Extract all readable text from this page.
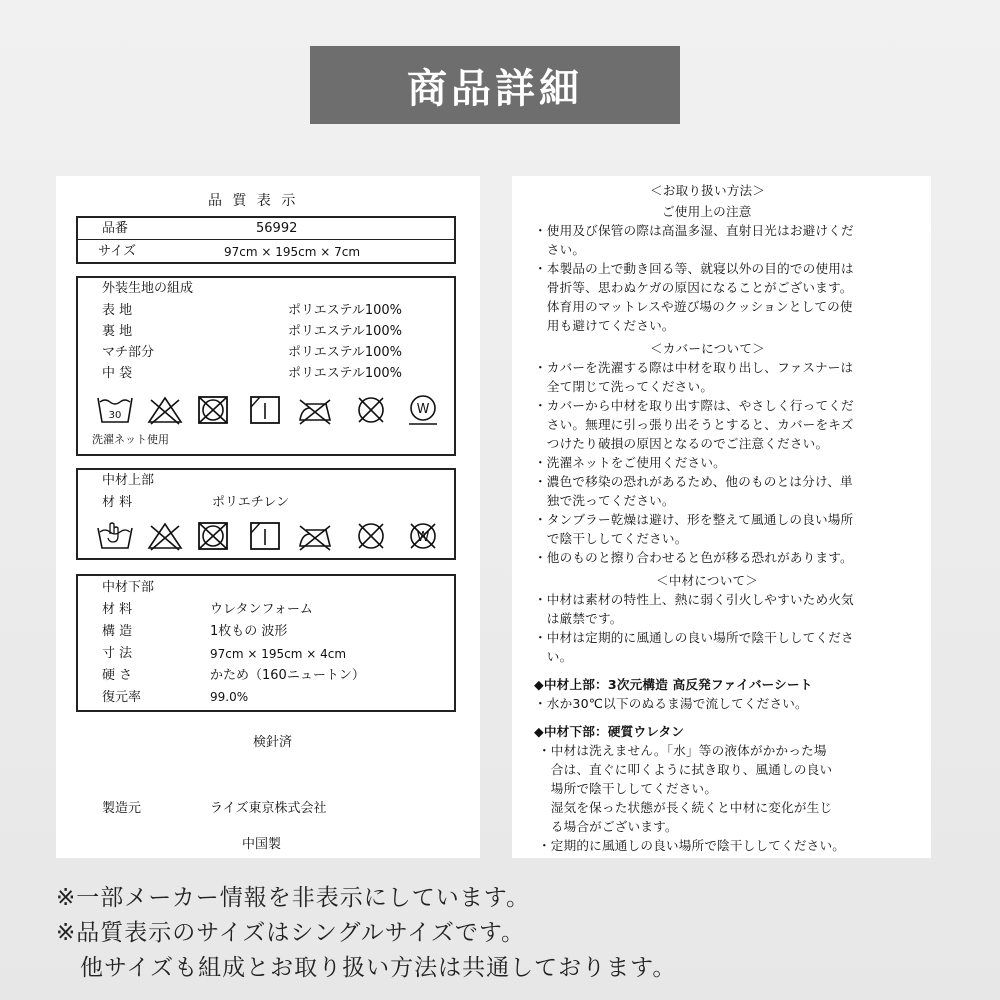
商品詳細
品 質 表 示
品番	56992
サイズ	97cm × 195cm × 7cm
外装生地の組成
表 地	ポリエステル100%
裏 地	ポリエステル100%
マチ部分	ポリエステル100%
中 袋	ポリエステル100%
30	W
洗濯ネット使用
中材上部
材 料	ポリエチレン
W
中材下部
材 料	ウレタンフォーム
構 造	1枚もの 波形
寸 法	97cm × 195cm × 4cm
硬 さ	かため（160ニュートン）
復元率	99.0%
検針済
製造元	ライズ東京株式会社
中国製
＜お取り扱い方法＞
ご使用上の注意
・使用及び保管の際は高温多湿、直射日光はお避けくだ
　さい。
・本製品の上で動き回る等、就寝以外の目的での使用は
　骨折等、思わぬケガの原因になることがございます。
　体育用のマットレスや遊び場のクッションとしての使
　用も避けてください。
＜カバーについて＞
・カバーを洗濯する際は中材を取り出し、ファスナーは
　全て閉じて洗ってください。
・カバーから中材を取り出す際は、やさしく行ってくだ
　さい。無理に引っ張り出そうとすると、カバーをキズ
　つけたり破損の原因となるのでご注意ください。
・洗濯ネットをご使用ください。
・濃色で移染の恐れがあるため、他のものとは分け、単
　独で洗ってください。
・タンブラー乾燥は避け、形を整えて風通しの良い場所
　で陰干ししてください。
・他のものと擦り合わせると色が移る恐れがあります。
＜中材について＞
・中材は素材の特性上、熱に弱く引火しやすいため火気
　は厳禁です。
・中材は定期的に風通しの良い場所で陰干ししてくださ
　い。
◆中材上部：3次元構造 高反発ファイバーシート
・水か30℃以下のぬるま湯で流してください。
◆中材下部：硬質ウレタン
・中材は洗えません。「水」等の液体がかかった場
　合は、直ぐに叩くように拭き取り、風通しの良い
　場所で陰干ししてください。
　湿気を保った状態が長く続くと中材に変化が生じ
　る場合がございます。
・定期的に風通しの良い場所で陰干ししてください。
※一部メーカー情報を非表示にしています。
※品質表示のサイズはシングルサイズです。
　他サイズも組成とお取り扱い方法は共通しております。
